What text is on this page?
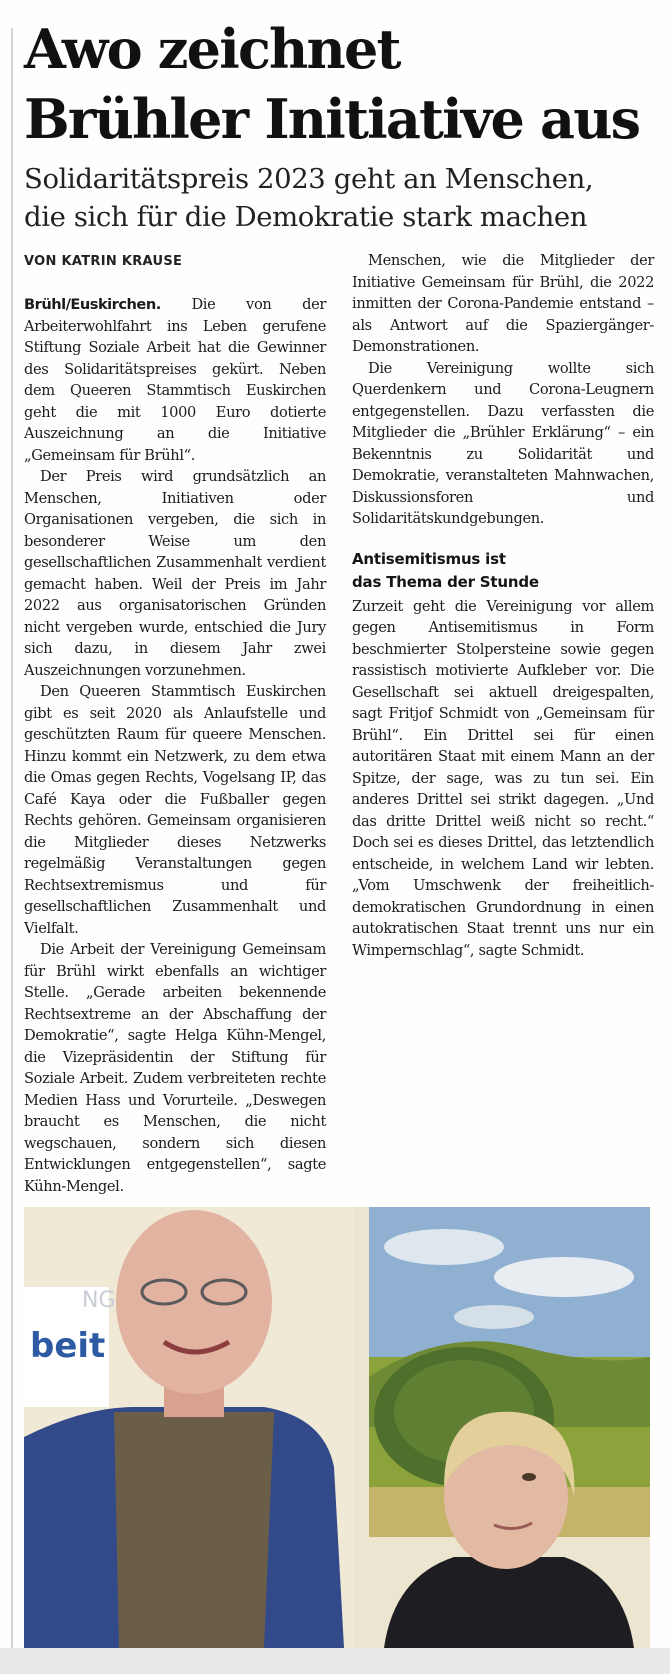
Awo zeichnet
Brühler Initiative aus
Solidaritätspreis 2023 geht an Menschen,
die sich für die Demokratie stark machen
VON KATRIN KRAUSE

Brühl/Euskirchen. Die von der Arbeiterwohlfahrt ins Leben gerufene Stiftung Soziale Arbeit hat die Gewinner des Solidaritätspreises gekürt. Neben dem Queeren Stammtisch Euskirchen geht die mit 1000 Euro dotierte Auszeichnung an die Initiative „Gemeinsam für Brühl“.

Der Preis wird grundsätzlich an Menschen, Initiativen oder Organisationen vergeben, die sich in besonderer Weise um den gesellschaftlichen Zusammenhalt verdient gemacht haben. Weil der Preis im Jahr 2022 aus organisatorischen Gründen nicht vergeben wurde, entschied die Jury sich dazu, in diesem Jahr zwei Auszeichnungen vorzunehmen.

Den Queeren Stammtisch Euskirchen gibt es seit 2020 als Anlaufstelle und geschützten Raum für queere Menschen. Hinzu kommt ein Netzwerk, zu dem etwa die Omas gegen Rechts, Vogelsang IP, das Café Kaya oder die Fußballer gegen Rechts gehören. Gemeinsam organisieren die Mitglieder dieses Netzwerks regelmäßig Veranstaltungen gegen Rechtsextremismus und für gesellschaftlichen Zusammenhalt und Vielfalt.

Die Arbeit der Vereinigung Gemeinsam für Brühl wirkt ebenfalls an wichtiger Stelle. „Gerade arbeiten bekennende Rechtsextreme an der Abschaffung der Demokratie“, sagte Helga Kühn-Mengel, die Vizepräsidentin der Stiftung für Soziale Arbeit. Zudem verbreiteten rechte Medien Hass und Vorurteile. „Deswegen braucht es Menschen, die nicht wegschauen, sondern sich diesen Entwicklungen entgegenstellen“, sagte Kühn-Mengel.

Menschen, wie die Mitglieder der Initiative Gemeinsam für Brühl, die 2022 inmitten der Corona-Pandemie entstand – als Antwort auf die Spaziergänger-Demonstrationen.

Die Vereinigung wollte sich Querdenkern und Corona-Leugnern entgegenstellen. Dazu verfassten die Mitglieder die „Brühler Erklärung“ – ein Bekenntnis zu Solidarität und Demokratie, veranstalteten Mahnwachen, Diskussionsforen und Solidaritätskundgebungen.

Antisemitismus ist
das Thema der Stunde

Zurzeit geht die Vereinigung vor allem gegen Antisemitismus in Form beschmierter Stolpersteine sowie gegen rassistisch motivierte Aufkleber vor. Die Gesellschaft sei aktuell dreigespalten, sagt Fritjof Schmidt von „Gemeinsam für Brühl“. Ein Drittel sei für einen autoritären Staat mit einem Mann an der Spitze, der sage, was zu tun sei. Ein anderes Drittel sei strikt dagegen. „Und das dritte Drittel weiß nicht so recht.“ Doch sei es dieses Drittel, das letztendlich entscheide, in welchem Land wir lebten. „Vom Umschwenk der freiheitlich-demokratischen Grundordnung in einen autokratischen Staat trennt uns nur ein Wimpernschlag“, sagte Schmidt.

NG
beit
